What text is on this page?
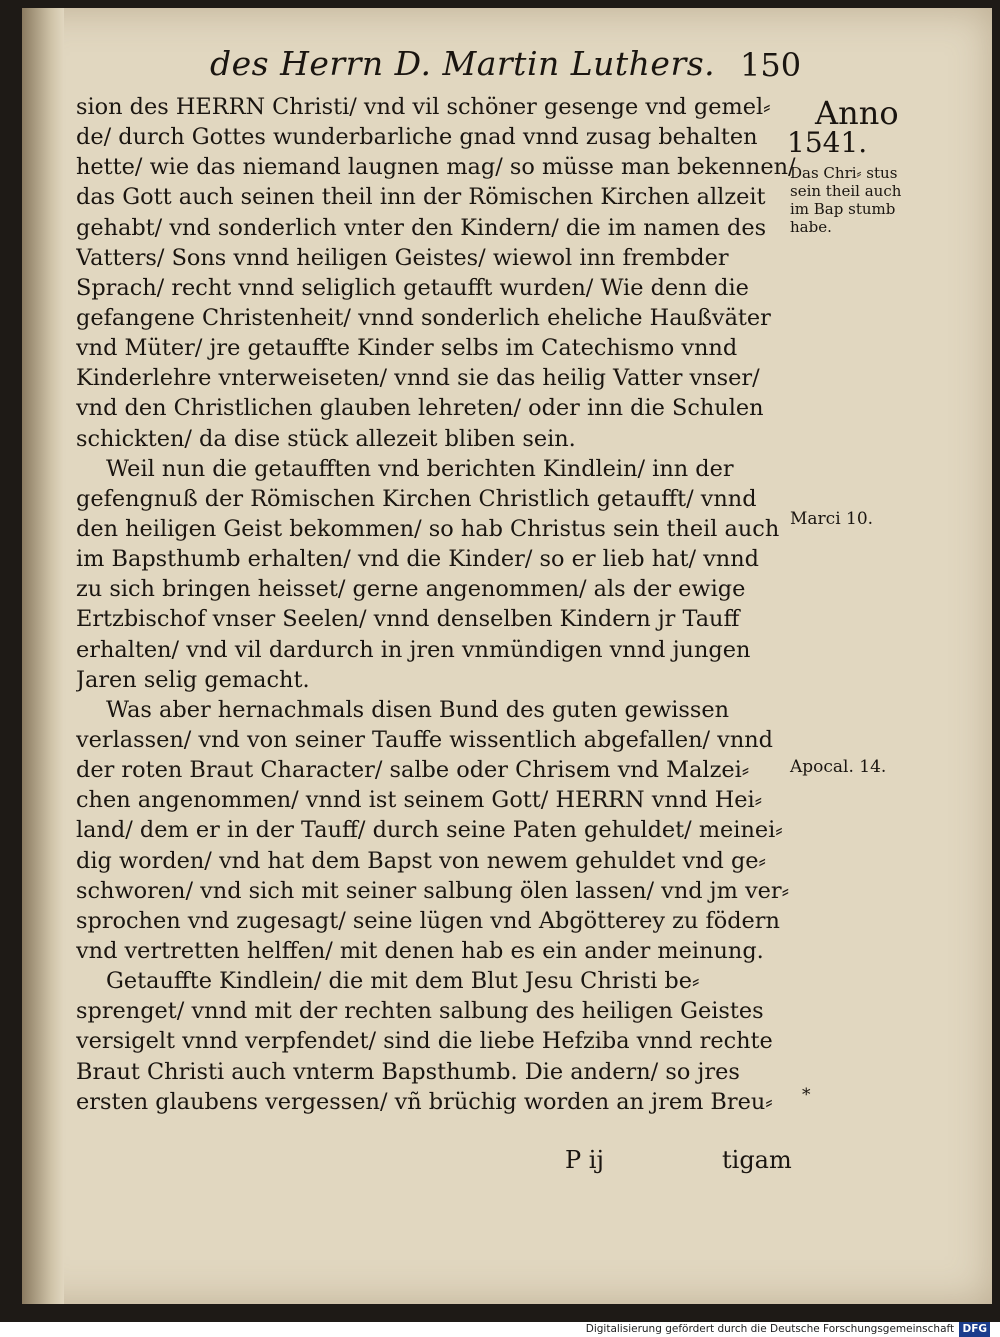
des Herrn D. Martin Luthers. 150
sion des HERRN Christi/ vnd vil schöner gesenge vnd gemel⸗
de/ durch Gottes wunderbarliche gnad vnnd zusag behalten
hette/ wie das niemand laugnen mag/ so müsse man bekennen/
das Gott auch seinen theil inn der Römischen Kirchen allzeit
gehabt/ vnd sonderlich vnter den Kindern/ die im namen des
Vatters/ Sons vnnd heiligen Geistes/ wiewol inn frembder
Sprach/ recht vnnd seliglich getaufft wurden/ Wie denn die
gefangene Christenheit/ vnnd sonderlich eheliche Haußväter
vnd Müter/ jre getauffte Kinder selbs im Catechismo vnnd
Kinderlehre vnterweiseten/ vnnd sie das heilig Vatter vnser/
vnd den Christlichen glauben lehreten/ oder inn die Schulen
schickten/ da dise stück allezeit bliben sein.
Weil nun die getaufften vnd berichten Kindlein/ inn der
gefengnuß der Römischen Kirchen Christlich getaufft/ vnnd
den heiligen Geist bekommen/ so hab Christus sein theil auch
im Bapsthumb erhalten/ vnd die Kinder/ so er lieb hat/ vnnd
zu sich bringen heisset/ gerne angenommen/ als der ewige
Ertzbischof vnser Seelen/ vnnd denselben Kindern jr Tauff
erhalten/ vnd vil dardurch in jren vnmündigen vnnd jungen
Jaren selig gemacht.
Was aber hernachmals disen Bund des guten gewissen
verlassen/ vnd von seiner Tauffe wissentlich abgefallen/ vnnd
der roten Braut Character/ salbe oder Chrisem vnd Malzei⸗
chen angenommen/ vnnd ist seinem Gott/ HERRN vnnd Hei⸗
land/ dem er in der Tauff/ durch seine Paten gehuldet/ meinei⸗
dig worden/ vnd hat dem Bapst von newem gehuldet vnd ge⸗
schworen/ vnd sich mit seiner salbung ölen lassen/ vnd jm ver⸗
sprochen vnd zugesagt/ seine lügen vnd Abgötterey zu födern
vnd vertretten helffen/ mit denen hab es ein ander meinung.
Getauffte Kindlein/ die mit dem Blut Jesu Christi be⸗
sprenget/ vnnd mit der rechten salbung des heiligen Geistes
versigelt vnnd verpfendet/ sind die liebe Hefziba vnnd rechte
Braut Christi auch vnterm Bapsthumb. Die andern/ so jres
ersten glaubens vergessen/ vñ brüchig worden an jrem Breu⸗
P ij	tigam
Anno
1541.
Das Chri⸗ stus sein theil auch im Bap stumb habe.
Marci 10.
Apocal. 14.
*
Digitalisierung gefördert durch die Deutsche Forschungsgemeinschaft DFG
